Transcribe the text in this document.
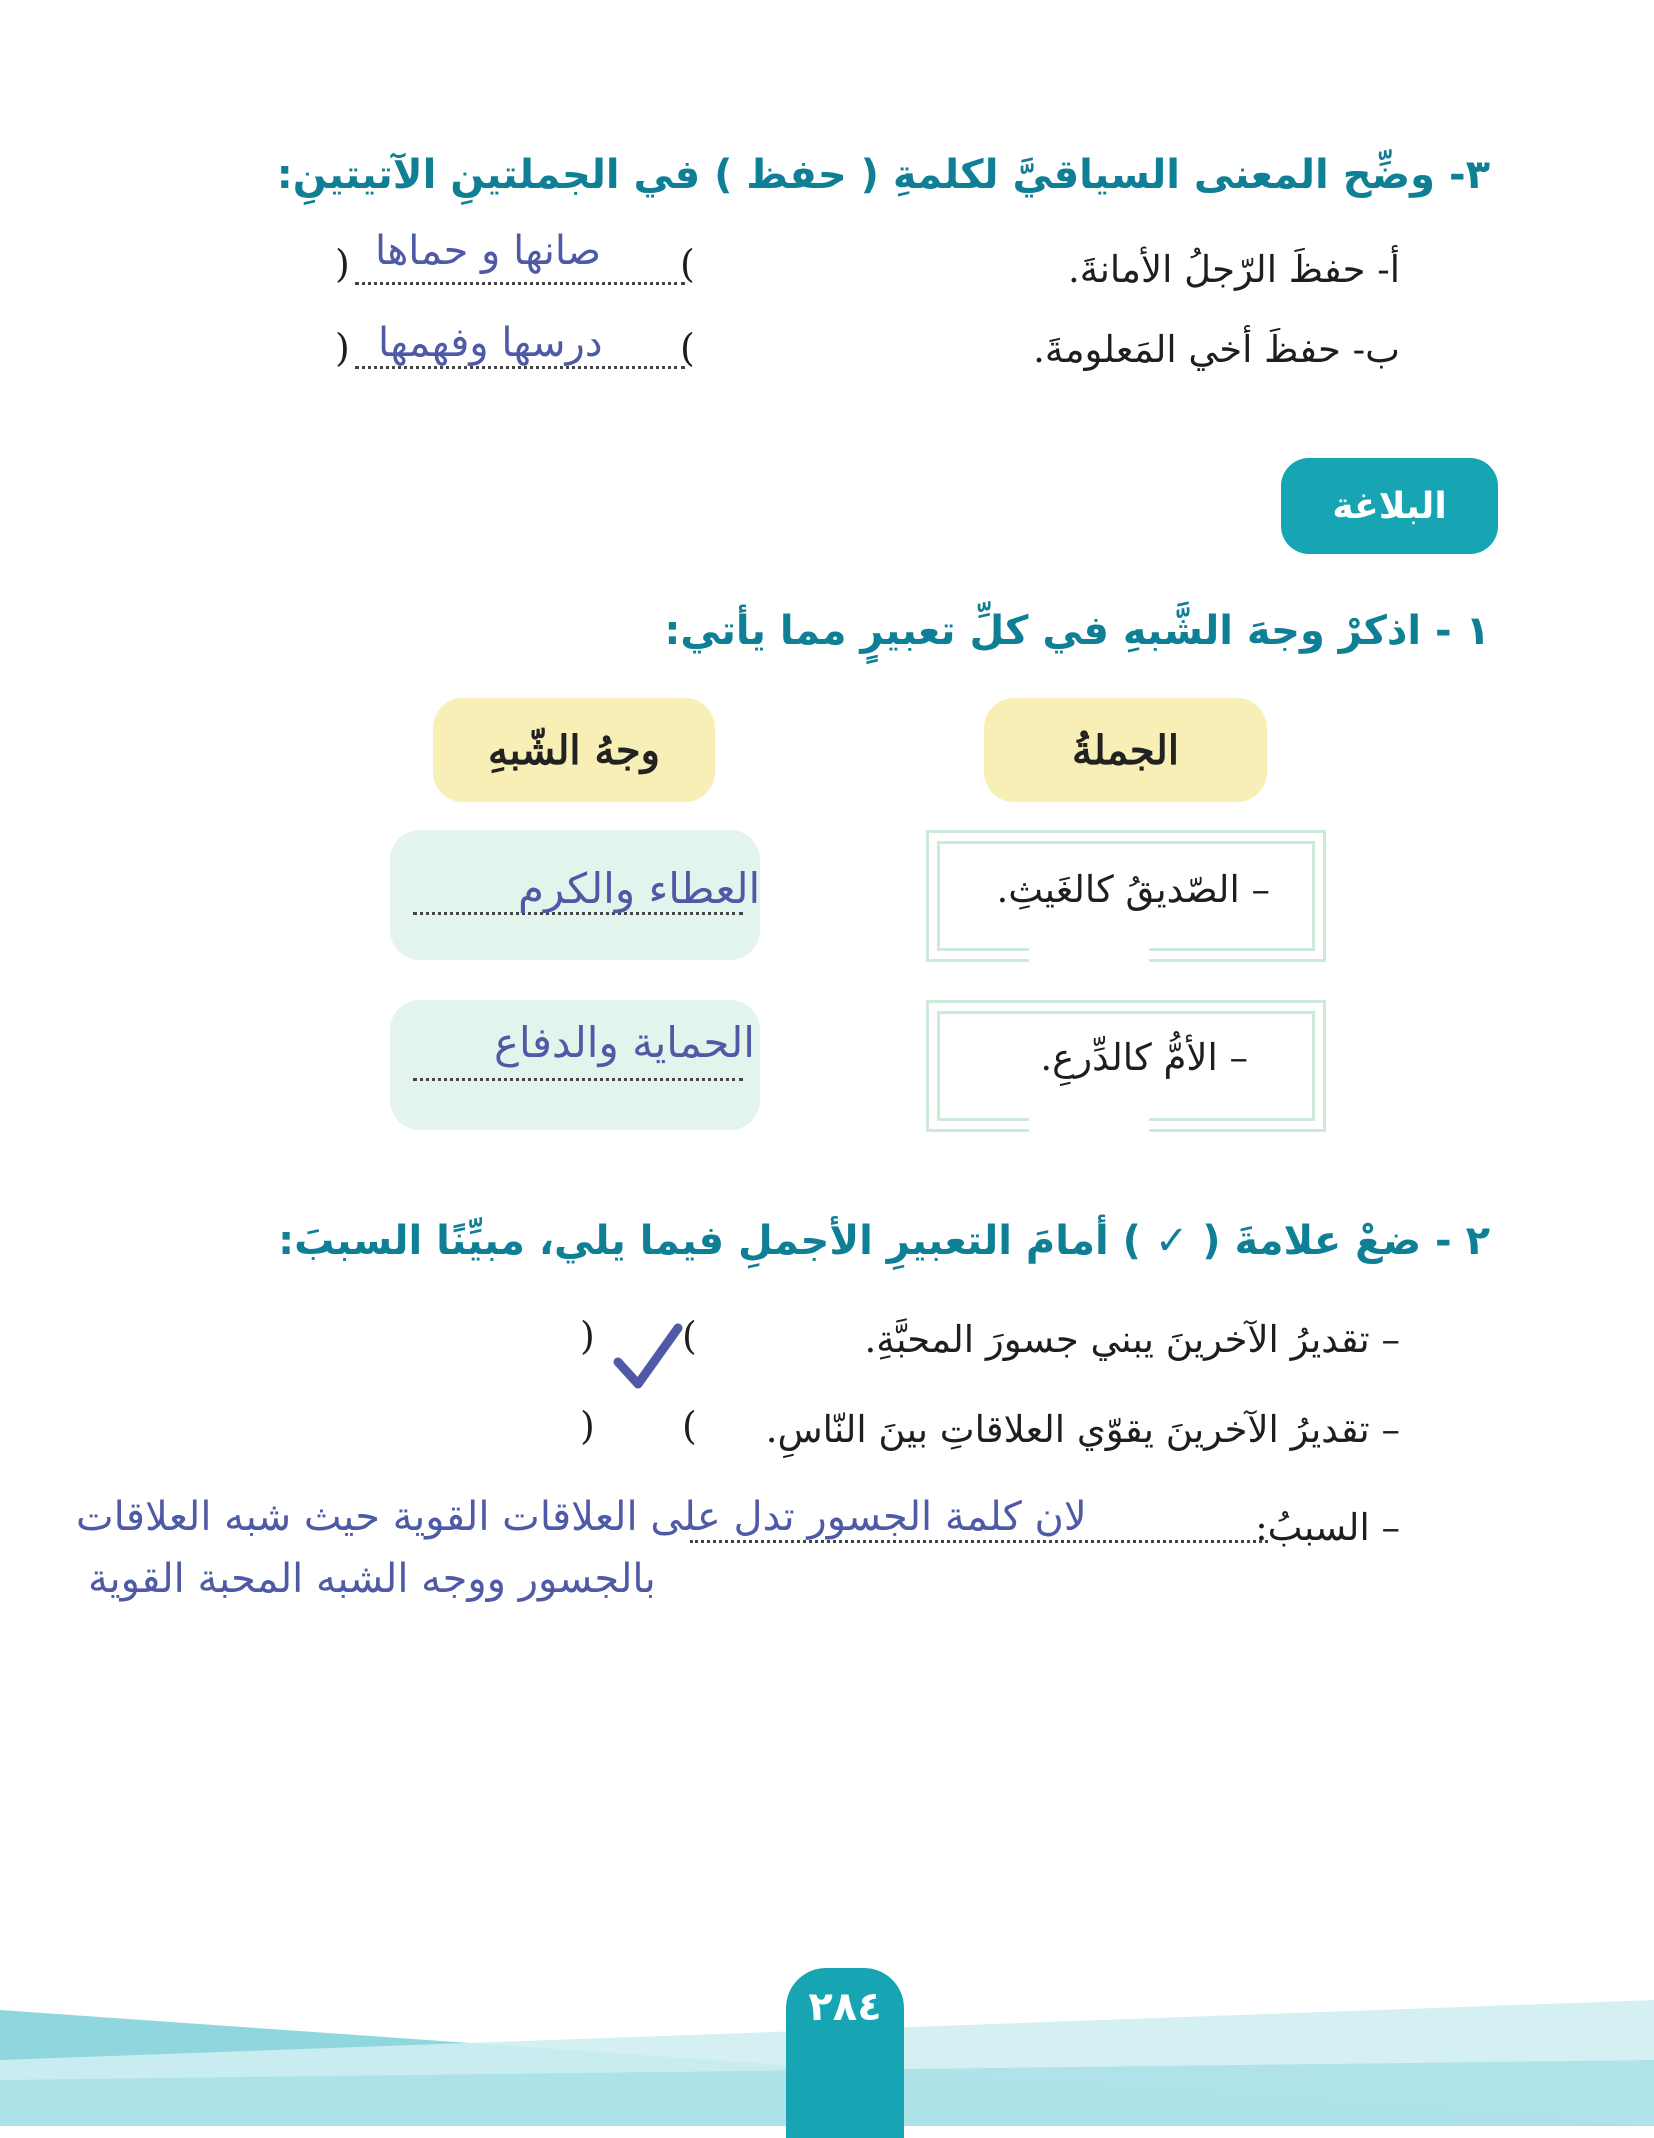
٣- وضِّح المعنى السياقيَّ لكلمةِ ( حفظ ) في الجملتينِ الآتيتينِ:
أ- حفظَ الرّجلُ الأمانةَ.
(	)
صانها و حماها
ب- حفظَ أخي المَعلومةَ.
(	)
درسها وفهمها
البلاغة
١ - اذكرْ وجهَ الشَّبهِ في كلِّ تعبيرٍ مما يأتي:
الجملةُ
وجهُ الشّبهِ
– الصّديقُ كالغَيثِ.
العطاء والكرم
– الأمُّ كالدِّرعِ.
الحماية والدفاع
٢ - ضعْ علامةَ ( ✓ ) أمامَ التعبيرِ الأجملِ فيما يلي، مبيِّنًا السببَ:
– تقديرُ الآخرينَ يبني جسورَ المحبَّةِ.
( )
– تقديرُ الآخرينَ يقوّي العلاقاتِ بينَ النّاسِ.
( )
– السببُ:
لان كلمة الجسور تدل على العلاقات القوية حيث شبه العلاقات
بالجسور ووجه الشبه المحبة القوية
٢٨٤
